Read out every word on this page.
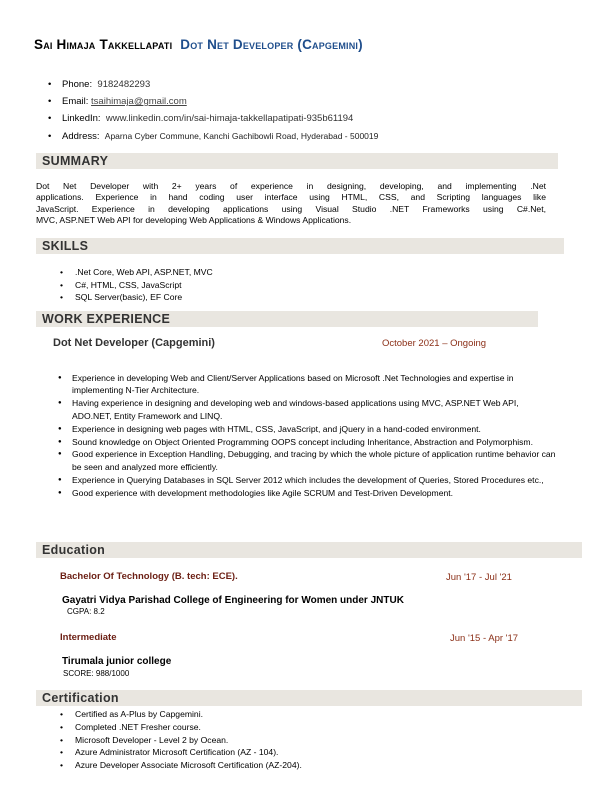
Sai Himaja Takkellapati Dot Net Developer (Capgemini)
• Phone: 9182482293
• Email: tsaihimaja@gmail.com
• LinkedIn: www.linkedin.com/in/sai-himaja-takkellapatipati-935b61194
• Address: Aparna Cyber Commune, Kanchi Gachibowli Road, Hyderabad - 500019
SUMMARY
Dot Net Developer with 2+ years of experience in designing, developing, and implementing .Net
applications. Experience in hand coding user interface using HTML, CSS, and Scripting languages like
JavaScript. Experience in developing applications using Visual Studio .NET Frameworks using C#.Net,
MVC, ASP.NET Web API for developing Web Applications & Windows Applications.
SKILLS
• .Net Core, Web API, ASP.NET, MVC
• C#, HTML, CSS, JavaScript
• SQL Server(basic), EF Core
WORK EXPERIENCE
Dot Net Developer (Capgemini)	October 2021 – Ongoing
● Experience in developing Web and Client/Server Applications based on Microsoft .Net Technologies and expertise in implementing N-Tier Architecture.
● Having experience in designing and developing web and windows-based applications using MVC, ASP.NET Web API, ADO.NET, Entity Framework and LINQ.
● Experience in designing web pages with HTML, CSS, JavaScript, and jQuery in a hand-coded environment.
● Sound knowledge on Object Oriented Programming OOPS concept including Inheritance, Abstraction and Polymorphism.
● Good experience in Exception Handling, Debugging, and tracing by which the whole picture of application runtime behavior can be seen and analyzed more efficiently.
● Experience in Querying Databases in SQL Server 2012 which includes the development of Queries, Stored Procedures etc.,
● Good experience with development methodologies like Agile SCRUM and Test-Driven Development.
Education
Bachelor Of Technology (B. tech: ECE).	Jun '17 - Jul '21
Gayatri Vidya Parishad College of Engineering for Women under JNTUK
CGPA: 8.2
Intermediate	Jun '15 - Apr '17
Tirumala junior college
SCORE: 988/1000
Certification
• Certified as A-Plus by Capgemini.
• Completed .NET Fresher course.
• Microsoft Developer - Level 2 by Ocean.
• Azure Administrator Microsoft Certification (AZ - 104).
• Azure Developer Associate Microsoft Certification (AZ-204).
